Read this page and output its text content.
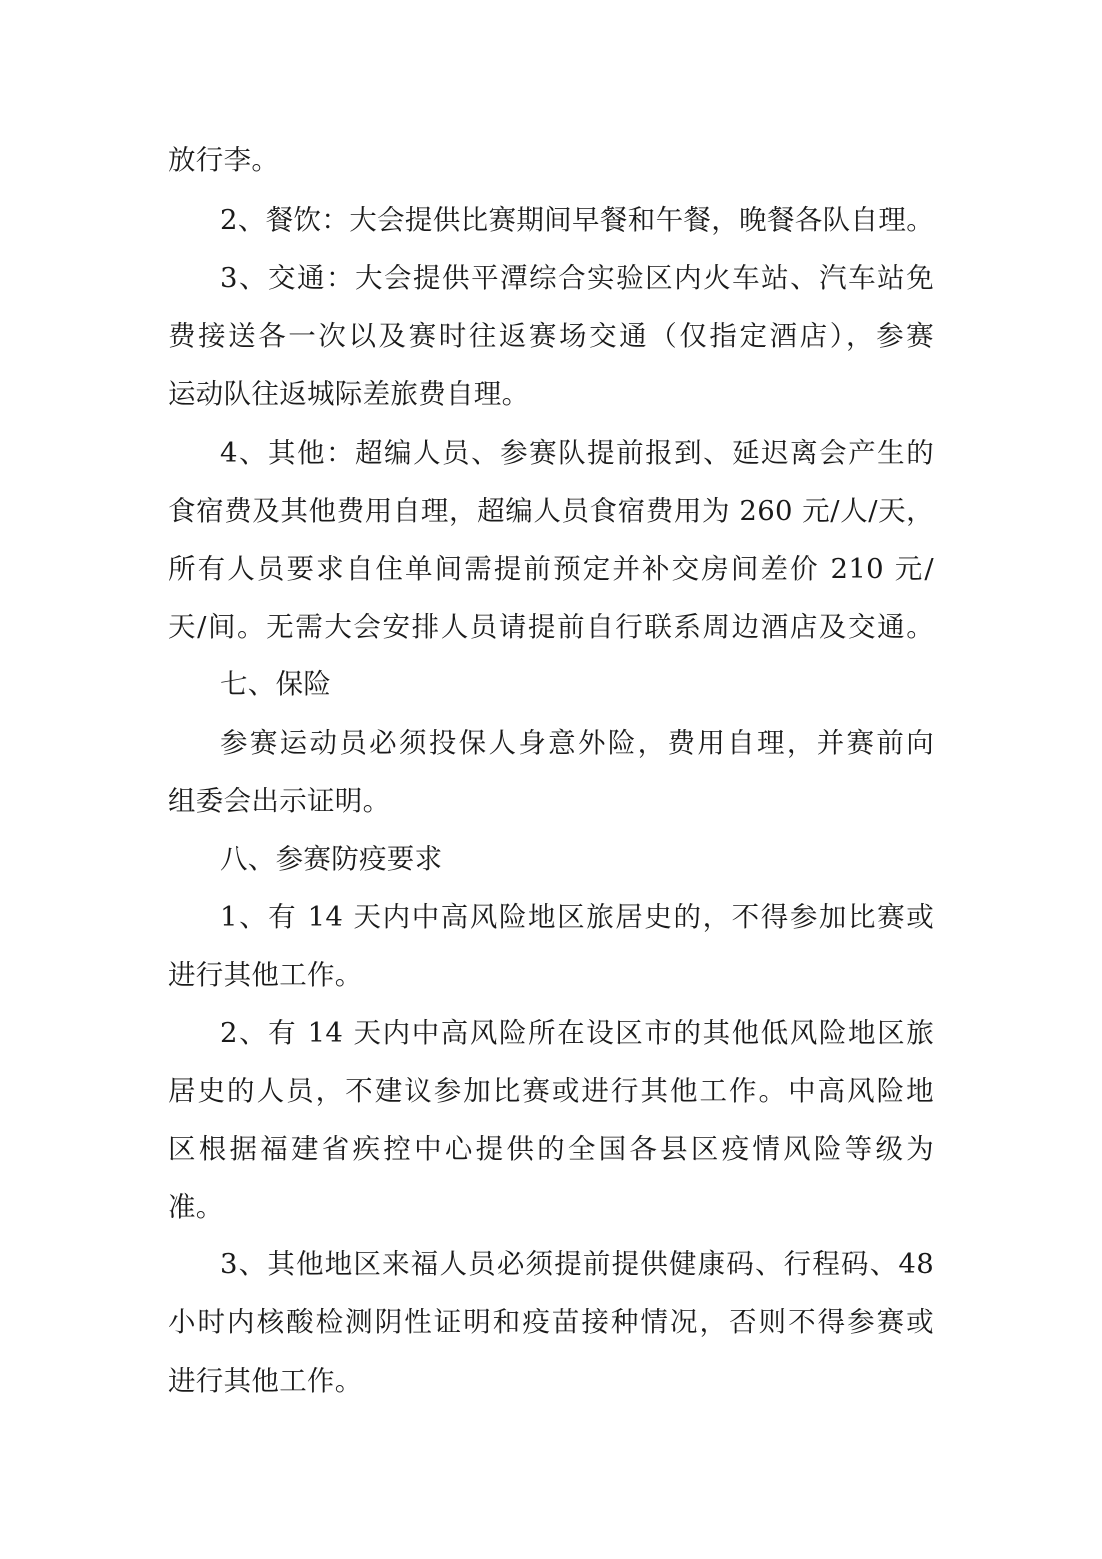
放行李。
2、餐饮：大会提供比赛期间早餐和午餐，晚餐各队自理。
3、交通：大会提供平潭综合实验区内火车站、汽车站免
费接送各一次以及赛时往返赛场交通（仅指定酒店），参赛
运动队往返城际差旅费自理。
4、其他：超编人员、参赛队提前报到、延迟离会产生的
食宿费及其他费用自理，超编人员食宿费用为 260 元/人/天，
所有人员要求自住单间需提前预定并补交房间差价 210 元/
天/间。无需大会安排人员请提前自行联系周边酒店及交通。
七、保险
参赛运动员必须投保人身意外险，费用自理，并赛前向
组委会出示证明。
八、参赛防疫要求
1、有 14 天内中高风险地区旅居史的，不得参加比赛或
进行其他工作。
2、有 14 天内中高风险所在设区市的其他低风险地区旅
居史的人员，不建议参加比赛或进行其他工作。中高风险地
区根据福建省疾控中心提供的全国各县区疫情风险等级为
准。
3、其他地区来福人员必须提前提供健康码、行程码、48
小时内核酸检测阴性证明和疫苗接种情况，否则不得参赛或
进行其他工作。
